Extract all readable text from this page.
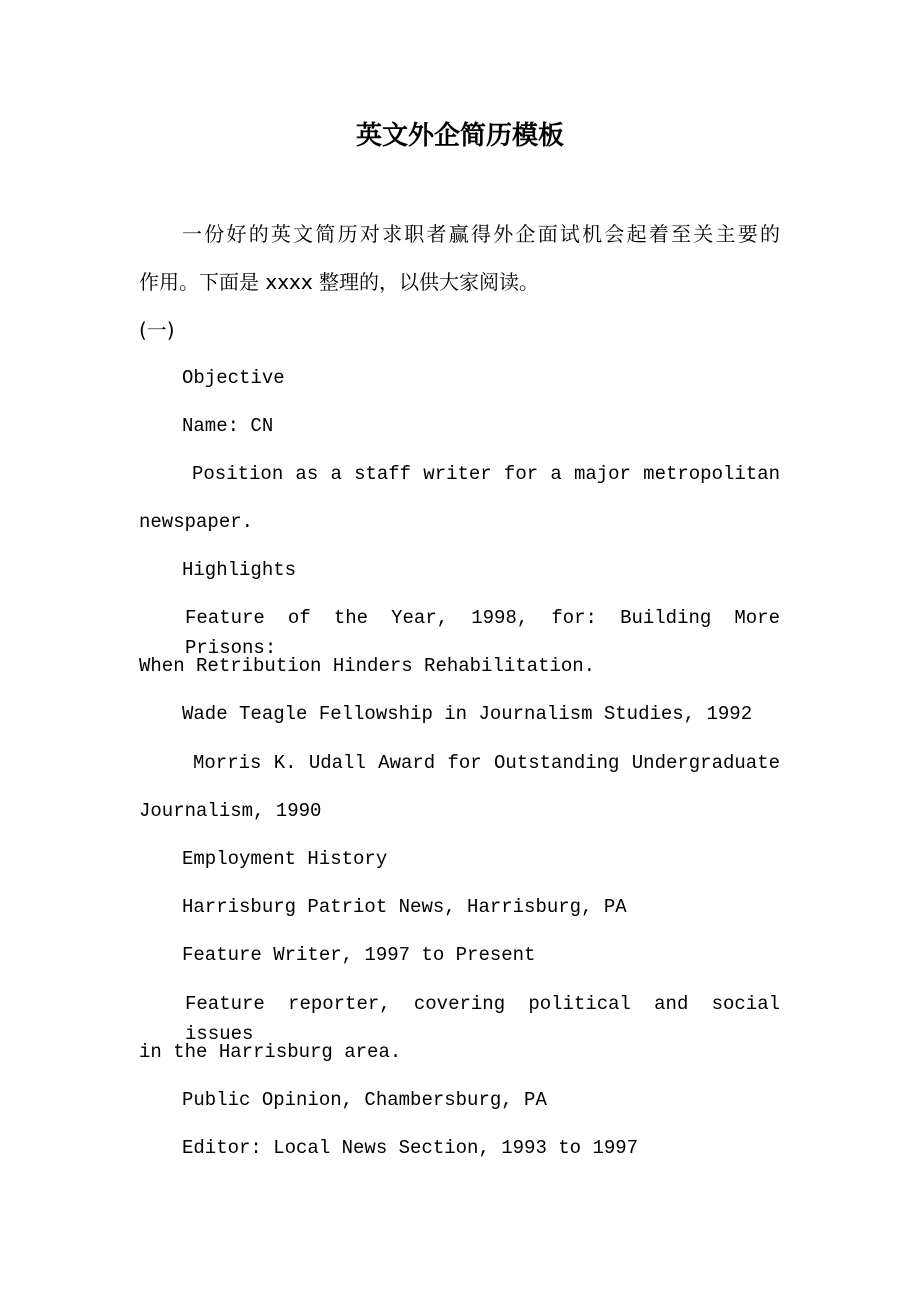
英文外企简历模板
一份好的英文简历对求职者赢得外企面试机会起着至关主要的
作用。下面是 xxxx 整理的，以供大家阅读。
(一)
Objective
Name: CN
Position as a staff writer for a major metropolitan
newspaper.
Highlights
Feature of the Year, 1998, for: Building More Prisons:
When Retribution Hinders Rehabilitation.
Wade Teagle Fellowship in Journalism Studies, 1992
Morris K. Udall Award for Outstanding Undergraduate
Journalism, 1990
Employment History
Harrisburg Patriot News, Harrisburg, PA
Feature Writer, 1997 to Present
Feature reporter, covering political and social issues
in the Harrisburg area.
Public Opinion, Chambersburg, PA
Editor: Local News Section, 1993 to 1997
